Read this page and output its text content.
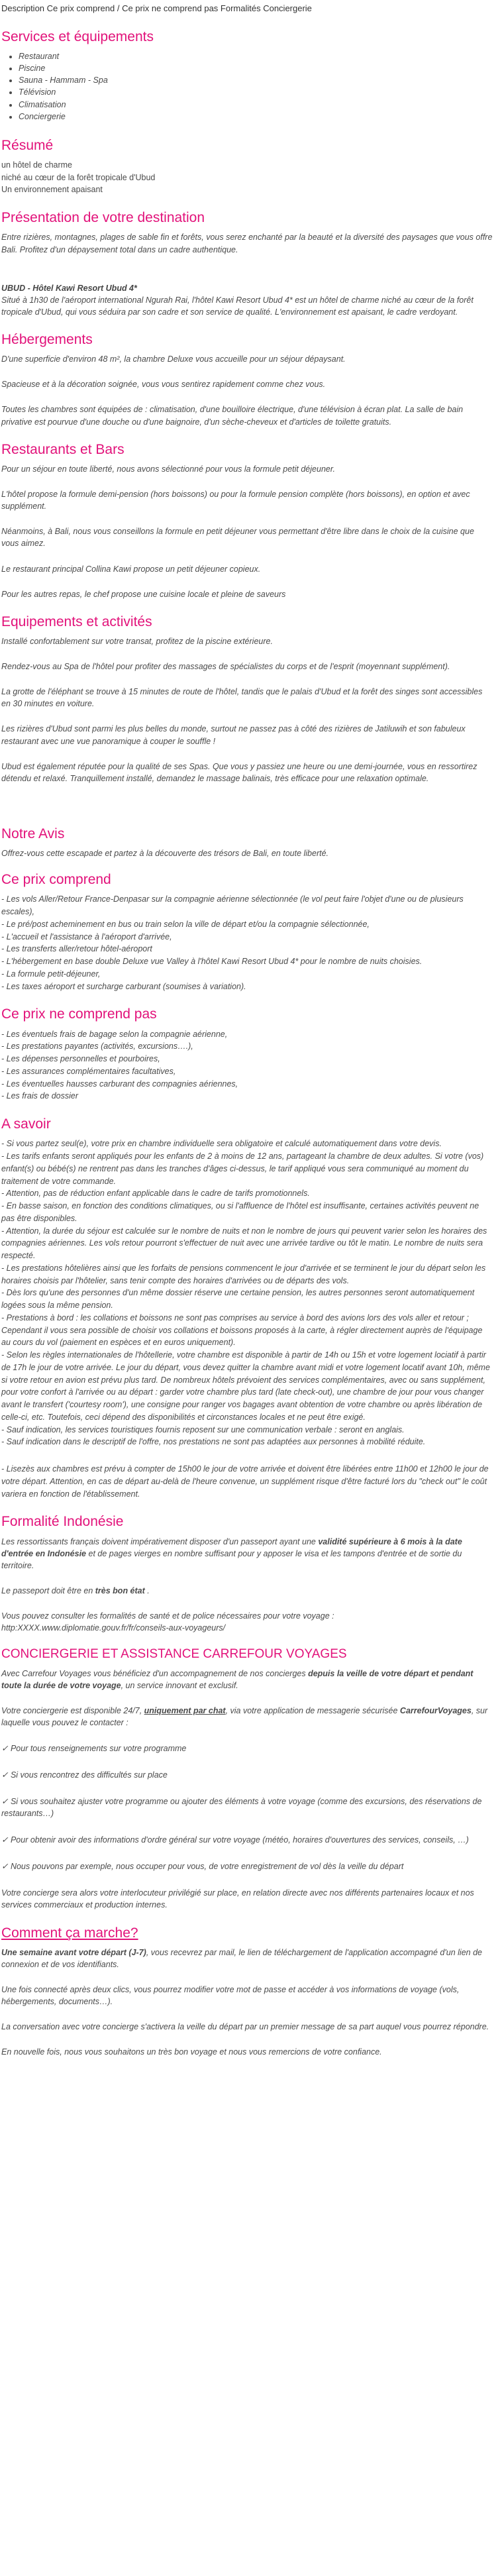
Description Ce prix comprend / Ce prix ne comprend pas Formalités Conciergerie
Services et équipements
• Restaurant
• Piscine
• Sauna - Hammam - Spa
• Télévision
• Climatisation
• Conciergerie
Résumé
un hôtel de charme
niché au cœur de la forêt tropicale d'Ubud
Un environnement apaisant
Présentation de votre destination

Entre rizières, montagnes, plages de sable fin et forêts, vous serez enchanté par la beauté et la diversité des paysages que vous offre Bali. Profitez d'un dépaysement total dans un cadre authentique.

UBUD - Hôtel Kawi Resort Ubud 4*

Situé à 1h30 de l'aéroport international Ngurah Rai, l'hôtel Kawi Resort Ubud 4* est un hôtel de charme niché au cœur de la forêt tropicale d'Ubud, qui vous séduira par son cadre et son service de qualité. L'environnement est apaisant, le cadre verdoyant.

Hébergements

D'une superficie d'environ 48 m², la chambre Deluxe vous accueille pour un séjour dépaysant.

Spacieuse et à la décoration soignée, vous vous sentirez rapidement comme chez vous.

Toutes les chambres sont équipées de : climatisation, d'une bouilloire électrique, d'une télévision à écran plat. La salle de bain privative est pourvue d'une douche ou d'une baignoire, d'un sèche-cheveux et d'articles de toilette gratuits.

Restaurants et Bars

Pour un séjour en toute liberté, nous avons sélectionné pour vous la formule petit déjeuner.

L'hôtel propose la formule demi-pension (hors boissons) ou pour la formule pension complète (hors boissons), en option et avec supplément.

Néanmoins, à Bali, nous vous conseillons la formule en petit déjeuner vous permettant d'être libre dans le choix de la cuisine que vous aimez.

Le restaurant principal Collina Kawi propose un petit déjeuner copieux.

Pour les autres repas, le chef propose une cuisine locale et pleine de saveurs

Equipements et activités

Installé confortablement sur votre transat, profitez de la piscine extérieure.

Rendez-vous au Spa de l'hôtel pour profiter des massages de spécialistes du corps et de l'esprit (moyennant supplément).

La grotte de l'éléphant se trouve à 15 minutes de route de l'hôtel, tandis que le palais d'Ubud et la forêt des singes sont accessibles en 30 minutes en voiture.

Les rizières d'Ubud sont parmi les plus belles du monde, surtout ne passez pas à côté des rizières de Jatiluwih et son fabuleux restaurant avec une vue panoramique à couper le souffle !

Ubud est également réputée pour la qualité de ses Spas. Que vous y passiez une heure ou une demi-journée, vous en ressortirez détendu et relaxé. Tranquillement installé, demandez le massage balinais, très efficace pour une relaxation optimale.

Notre Avis

Offrez-vous cette escapade et partez à la découverte des trésors de Bali, en toute liberté.

Ce prix comprend
- Les vols Aller/Retour France-Denpasar sur la compagnie aérienne sélectionnée (le vol peut faire l'objet d'une ou de plusieurs escales),
- Le pré/post acheminement en bus ou train selon la ville de départ et/ou la compagnie sélectionnée,
- L'accueil et l'assistance à l'aéroport d'arrivée,
- Les transferts aller/retour hôtel-aéroport
- L'hébergement en base double Deluxe vue Valley à l'hôtel Kawi Resort Ubud 4* pour le nombre de nuits choisies.
- La formule petit-déjeuner,
- Les taxes aéroport et surcharge carburant (soumises à variation).
Ce prix ne comprend pas
- Les éventuels frais de bagage selon la compagnie aérienne,
- Les prestations payantes (activités, excursions….),
- Les dépenses personnelles et pourboires,
- Les assurances complémentaires facultatives,
- Les éventuelles hausses carburant des compagnies aériennes,
- Les frais de dossier
A savoir
- Si vous partez seul(e), votre prix en chambre individuelle sera obligatoire et calculé automatiquement dans votre devis.
- Les tarifs enfants seront appliqués pour les enfants de 2 à moins de 12 ans, partageant la chambre de deux adultes. Si votre (vos) enfant(s) ou bébé(s) ne rentrent pas dans les tranches d'âges ci-dessus, le tarif appliqué vous sera communiqué au moment du traitement de votre commande.
- Attention, pas de réduction enfant applicable dans le cadre de tarifs promotionnels.
- En basse saison, en fonction des conditions climatiques, ou si l'affluence de l'hôtel est insuffisante, certaines activités peuvent ne pas être disponibles.
- Attention, la durée du séjour est calculée sur le nombre de nuits et non le nombre de jours qui peuvent varier selon les horaires des compagnies aériennes. Les vols retour pourront s'effectuer de nuit avec une arrivée tardive ou tôt le matin. Le nombre de nuits sera respecté.
- Les prestations hôtelières ainsi que les forfaits de pensions commencent le jour d'arrivée et se terminent le jour du départ selon les horaires choisis par l'hôtelier, sans tenir compte des horaires d'arrivées ou de départs des vols.
- Dès lors qu'une des personnes d'un même dossier réserve une certaine pension, les autres personnes seront automatiquement logées sous la même pension.
- Prestations à bord : les collations et boissons ne sont pas comprises au service à bord des avions lors des vols aller et retour ; Cependant il vous sera possible de choisir vos collations et boissons proposés à la carte, à régler directement auprès de l'équipage au cours du vol (paiement en espèces et en euros uniquement).
- Selon les règles internationales de l'hôtellerie, votre chambre est disponible à partir de 14h ou 15h et votre logement lociatif à partir de 17h le jour de votre arrivée. Le jour du départ, vous devez quitter la chambre avant midi et votre logement locatif avant 10h, même si votre retour en avion est prévu plus tard. De nombreux hôtels prévoient des services complémentaires, avec ou sans supplément, pour votre confort à l'arrivée ou au départ : garder votre chambre plus tard (late check-out), une chambre de jour pour vous changer avant le transfert ('courtesy room'), une consigne pour ranger vos bagages avant obtention de votre chambre ou après libération de celle-ci, etc. Toutefois, ceci dépend des disponibilités et circonstances locales et ne peut être exigé.
- Sauf indication, les services touristiques fournis reposent sur une communication verbale : seront en anglais.
- Sauf indication dans le descriptif de l'offre, nos prestations ne sont pas adaptées aux personnes à mobilité réduite.
- Lisezès aux chambres est prévu à compter de 15h00 le jour de votre arrivée et doivent être libérées entre 11h00 et 12h00 le jour de votre départ. Attention, en cas de départ au-delà de l'heure convenue, un supplément risque d'être facturé lors du "check out" le coût variera en fonction de l'établissement.
Formalité Indonésie

Les ressortissants français doivent impérativement disposer d'un passeport ayant une validité supérieure à 6 mois à la date d'entrée en Indonésie et de pages vierges en nombre suffisant pour y apposer le visa et les tampons d'entrée et de sortie du territoire.

Le passeport doit être en très bon état .

Vous pouvez consulter les formalités de santé et de police nécessaires pour votre voyage :
http:XXXX.www.diplomatie.gouv.fr/fr/conseils-aux-voyageurs/

CONCIERGERIE ET ASSISTANCE CARREFOUR VOYAGES

Avec Carrefour Voyages vous bénéficiez d'un accompagnement de nos concierges depuis la veille de votre départ et pendant toute la durée de votre voyage, un service innovant et exclusif.

Votre conciergerie est disponible 24/7, uniquement par chat, via votre application de messagerie sécurisée CarrefourVoyages, sur laquelle vous pouvez le contacter :

✓ Pour tous renseignements sur votre programme

✓ Si vous rencontrez des difficultés sur place

✓ Si vous souhaitez ajuster votre programme ou ajouter des éléments à votre voyage (comme des excursions, des réservations de restaurants…)

✓ Pour obtenir avoir des informations d'ordre général sur votre voyage (météo, horaires d'ouvertures des services, conseils, …)

✓ Nous pouvons par exemple, nous occuper pour vous, de votre enregistrement de vol dès la veille du départ

Votre concierge sera alors votre interlocuteur privilégié sur place, en relation directe avec nos différents partenaires locaux et nos services commerciaux et production internes.

Comment ça marche?

Une semaine avant votre départ (J-7), vous recevrez par mail, le lien de téléchargement de l'application accompagné d'un lien de connexion et de vos identifiants.

Une fois connecté après deux clics, vous pourrez modifier votre mot de passe et accéder à vos informations de voyage (vols, hébergements, documents…).

La conversation avec votre concierge s'activera la veille du départ par un premier message de sa part auquel vous pourrez répondre.

En nouvelle fois, nous vous souhaitons un très bon voyage et nous vous remercions de votre confiance.
